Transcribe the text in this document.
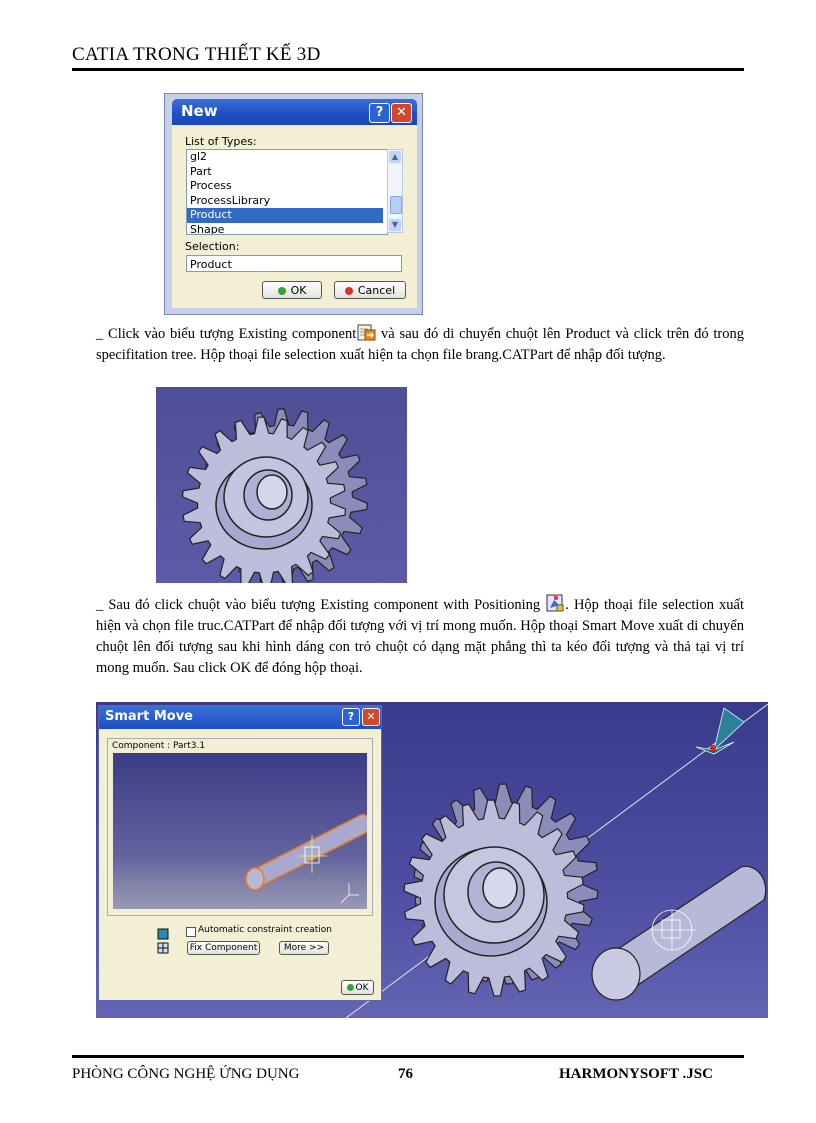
CATIA TRONG THIẾT KẾ 3D
New	? ✕
List of Types:
gl2
Part
Process
ProcessLibrary
Product
Shape
▲
▼
Selection:
Product
OK	Cancel
_ Click vào biểu tượng Existing component và sau đó di chuyển chuột lên Product và click trên đó trong specifitation tree. Hộp thoại file selection xuất hiện ta chọn file brang.CATPart để nhập đối tượng.
_ Sau đó click chuột vào biểu tượng Existing component with Positioning . Hộp thoại file selection xuất hiện và chọn file truc.CATPart để nhập đối tượng với vị trí mong muốn. Hộp thoại Smart Move xuất di chuyển chuột lên đối tượng sau khi hình dáng con trỏ chuột có dạng mặt phẳng thì ta kéo đối tượng và thả tại vị trí mong muốn. Sau click OK để đóng hộp thoại.
Smart Move	?	✕
Component : Part3.1
Automatic constraint creation
Fix Component	More >>
OK
PHÒNG CÔNG NGHỆ ỨNG DỤNG	76	HARMONYSOFT .JSC
